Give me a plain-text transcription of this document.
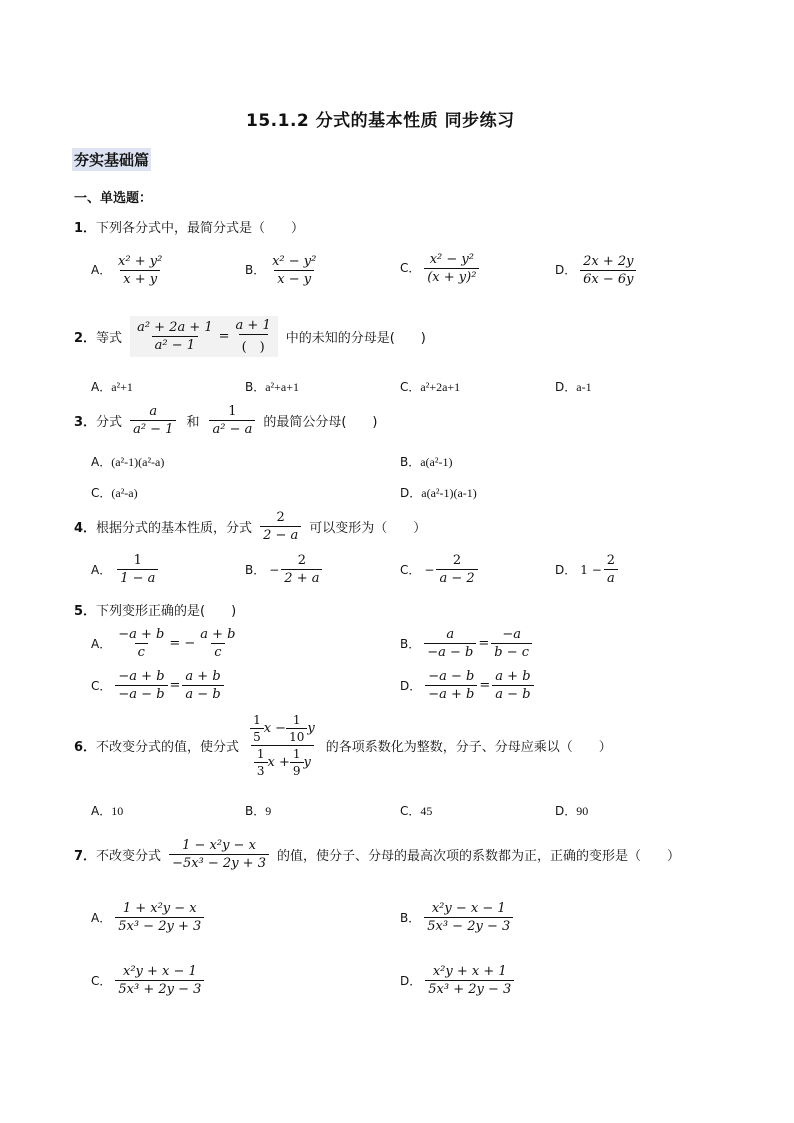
15.1.2 分式的基本性质 同步练习
夯实基础篇
一、单选题：
1．下列各分式中，最简分式是（　　）
A． $\frac{\text{x² + y²}}{x + y}$	B． $\frac{\text{x² − y²}}{x - y}$	C． $\frac{\text{x² − y²}}{\text{(x + y)²}}$	D． $\frac{2x + 2y}{6x - 6y}$
2． 等式 $\frac{\text{a² + 2a + 1}}{\text{a² − 1}} = \frac{a + 1}{( )}$ 中的未知的分母是(　　)
A．a²+1	B．a²+a+1	C．a²+2a+1	D．a-1
3． 分式 $\frac{a}{\text{a² − 1}}$ 和 $\frac{1}{\text{a² − a}}$ 的最简公分母(　　)
A．(a²-1)(a²-a)	B．a(a²-1)
C．(a²-a)	D．a(a²-1)(a-1)
4． 根据分式的基本性质，分式 $\frac{2}{2 - a}$ 可以变形为（　　）
A． $\frac{1}{1 - a}$	B． − $\frac{2}{2 + a}$	C． − $\frac{2}{a - 2}$	D． $1 - \frac{2}{a}$
5．下列变形正确的是(　　)
A． $\frac{-a + b}{c}$ = − $\frac{a + b}{c}$	B． $\frac{a}{-a - b} = \frac{-a}{b - c}$
C． $\frac{-a + b}{-a - b} = \frac{a + b}{a - b}$	D． $\frac{-a - b}{-a + b} = \frac{a + b}{a - b}$
6． 不改变分式的值，使分式 $\frac{\frac{1}{5} x - \frac{1}{10} y}{\frac{1}{3} x + \frac{1}{9} y}$ 的各项系数化为整数，分子、分母应乘以（　　）
A．10	B．9	C．45	D．90
7． 不改变分式 $\frac{\text{1 − x²y − x}}{\text{−5x³ − 2y + 3}}$ 的值，使分子、分母的最高次项的系数都为正，正确的变形是（　　）
A． $\frac{\text{1 + x²y − x}}{\text{5x³ − 2y + 3}}$	B． $\frac{\text{x²y − x − 1}}{\text{5x³ − 2y − 3}}$
C． $\frac{\text{x²y + x − 1}}{\text{5x³ + 2y − 3}}$	D． $\frac{\text{x²y + x + 1}}{\text{5x³ + 2y − 3}}$
